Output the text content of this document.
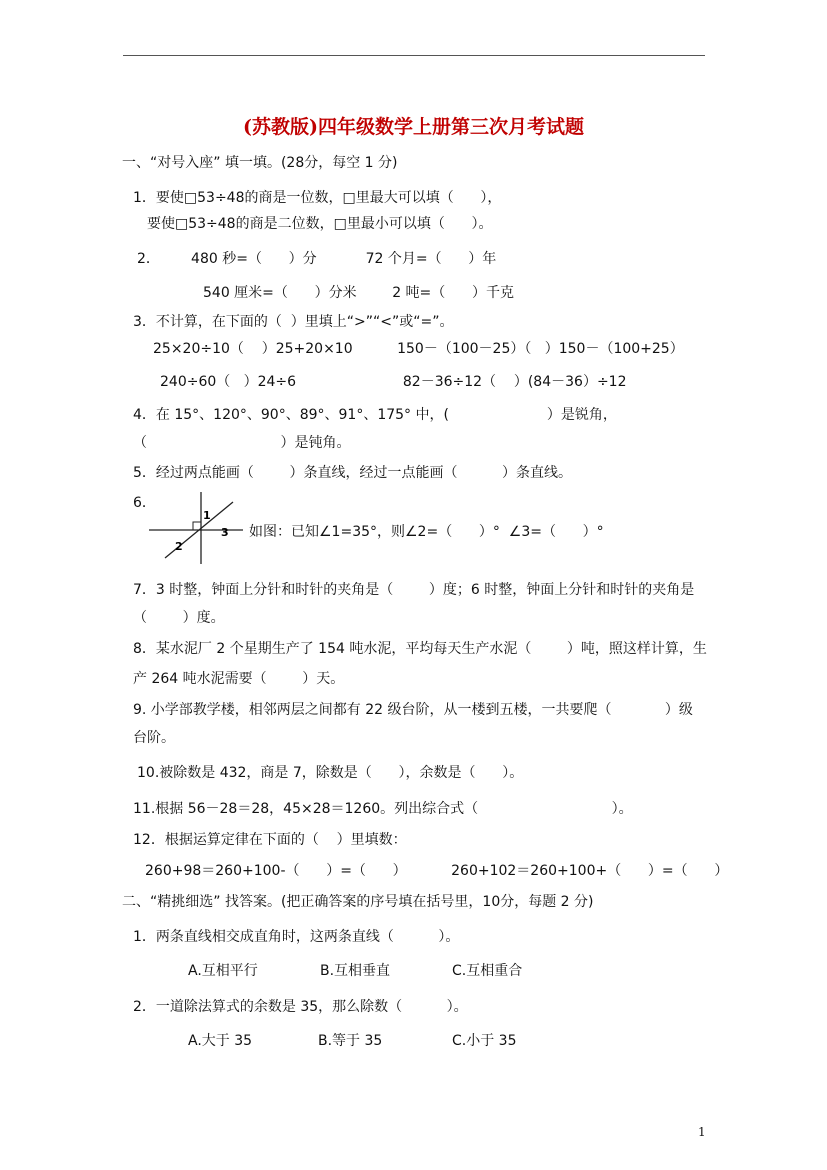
(苏教版)四年级数学上册第三次月考试题
一、“对号入座” 填一填。(28分，每空 1 分)
1．要使□53÷48的商是一位数，□里最大可以填（      ），
要使□53÷48的商是二位数，□里最小可以填（      ）。
2．       480 秒=（      ）分           72 个月=（      ）年
540 厘米=（      ）分米        2 吨=（      ）千克
3．不计算，在下面的（  ）里填上“>”“<”或“=”。
25×20÷10（    ）25+20×10          150－（100－25）（   ）150－（100+25）
240÷60（   ）24÷6                        82－36÷12（    ）(84－36）÷12
4．在 15°、120°、90°、89°、91°、175° 中，(                      ）是锐角，
（                              ）是钝角。
5．经过两点能画（        ）条直线，经过一点能画（          ）条直线。
6．
1
2
3 如图：已知∠1=35°，则∠2=（      ）°  ∠3=（      ）°
7．3 时整，钟面上分针和时针的夹角是（        ）度；6 时整，钟面上分针和时针的夹角是
（        ）度。
8．某水泥厂 2 个星期生产了 154 吨水泥，平均每天生产水泥（        ）吨，照这样计算，生
产 264 吨水泥需要（        ）天。
9. 小学部教学楼，相邻两层之间都有 22 级台阶，从一楼到五楼，一共要爬（            ）级
台阶。
10.被除数是 432，商是 7，除数是（      ），余数是（      ）。
11.根据 56－28＝28，45×28＝1260。列出综合式（                              ）。
12．根据运算定律在下面的（    ）里填数：
260+98＝260+100-（      ）=（      ）          260+102＝260+100+（      ）=（      ）
二、“精挑细选” 找答案。(把正确答案的序号填在括号里，10分，每题 2 分)
1．两条直线相交成直角时，这两条直线（          ）。
A.互相平行	B.互相垂直	C.互相重合
2．一道除法算式的余数是 35，那么除数（          ）。
A.大于 35	B.等于 35	C.小于 35
1
